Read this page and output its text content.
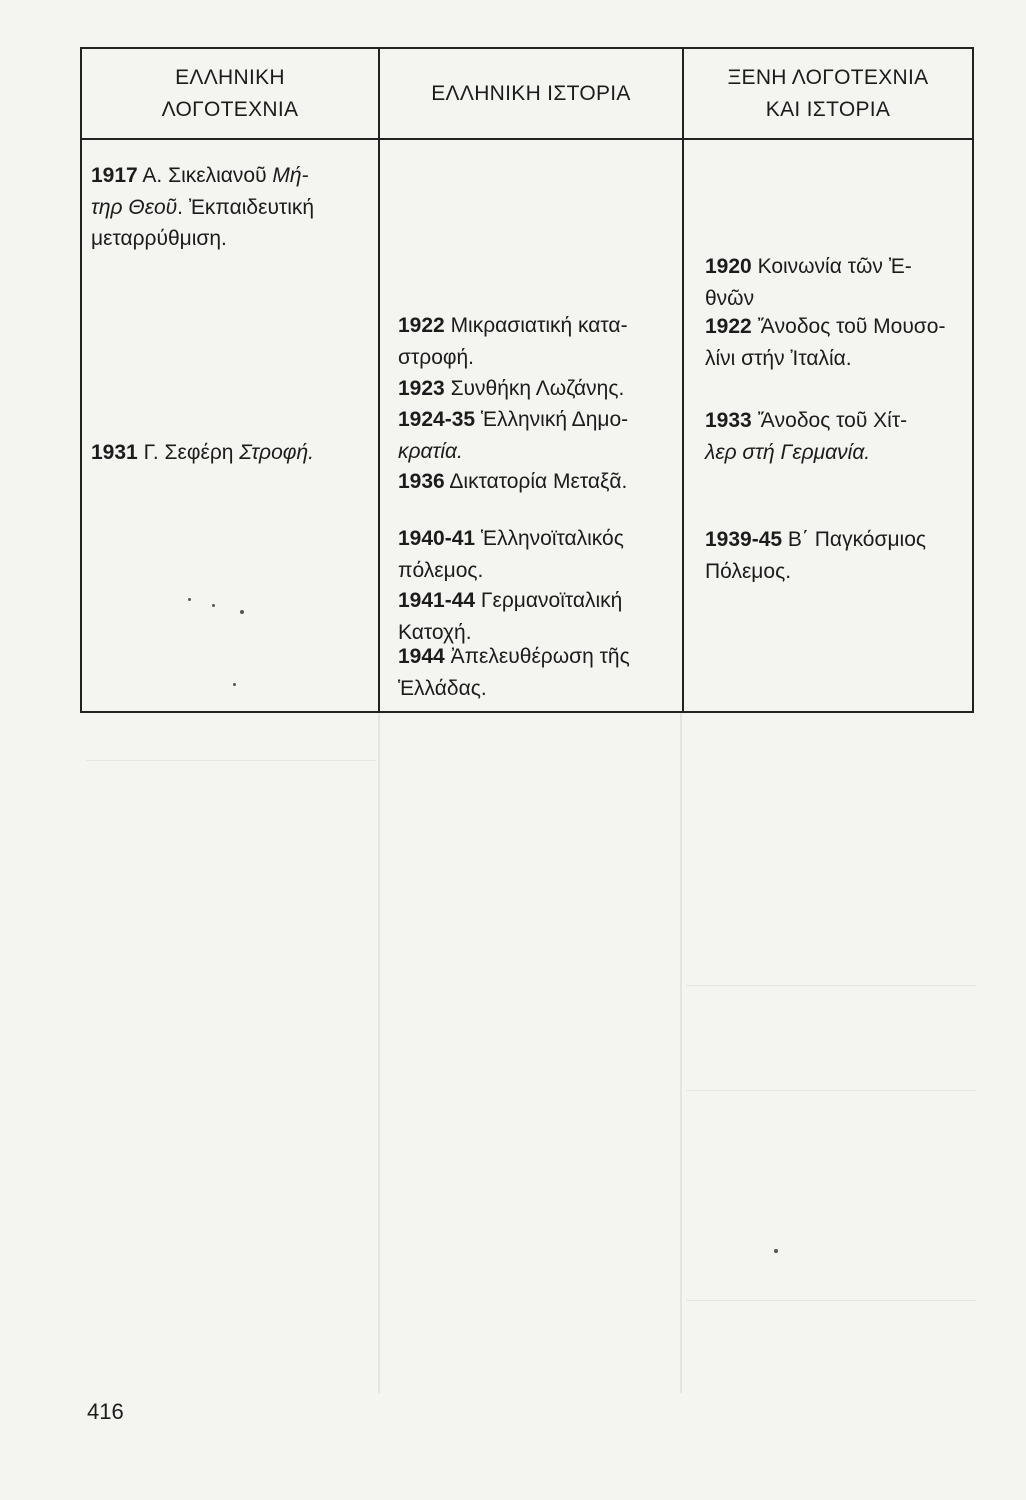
ΕΛΛΗΝΙΚΗ
ΛΟΓΟΤΕΧΝΙΑ
ΕΛΛΗΝΙΚΗ ΙΣΤΟΡΙΑ
ΞΕΝΗ ΛΟΓΟΤΕΧΝΙΑ
ΚΑΙ ΙΣΤΟΡΙΑ
1917 Α. Σικελιανοῦ Μή-
τηρ Θεοῦ. Ἐκπαιδευτική
μεταρρύθμιση.
1931 Γ. Σεφέρη Στροφή.
1922 Μικρασιατική κατα-
στροφή.
1923 Συνθήκη Λωζάνης.
1924-35 Ἑλληνική Δημο-
κρατία.
1936 Δικτατορία Μεταξᾶ.
1940-41 Ἑλληνοϊταλικός
πόλεμος.
1941-44 Γερμανοϊταλική
Κατοχή.
1944 Ἀπελευθέρωση τῆς
Ἑλλάδας.
1920 Κοινωνία τῶν Ἐ-
θνῶν
1922 Ἄνοδος τοῦ Μουσο-
λίνι στήν Ἰταλία.
1933 Ἄνοδος τοῦ Χίτ-
λερ στή Γερμανία.
1939-45 Β΄ Παγκόσμιος
Πόλεμος.
416
